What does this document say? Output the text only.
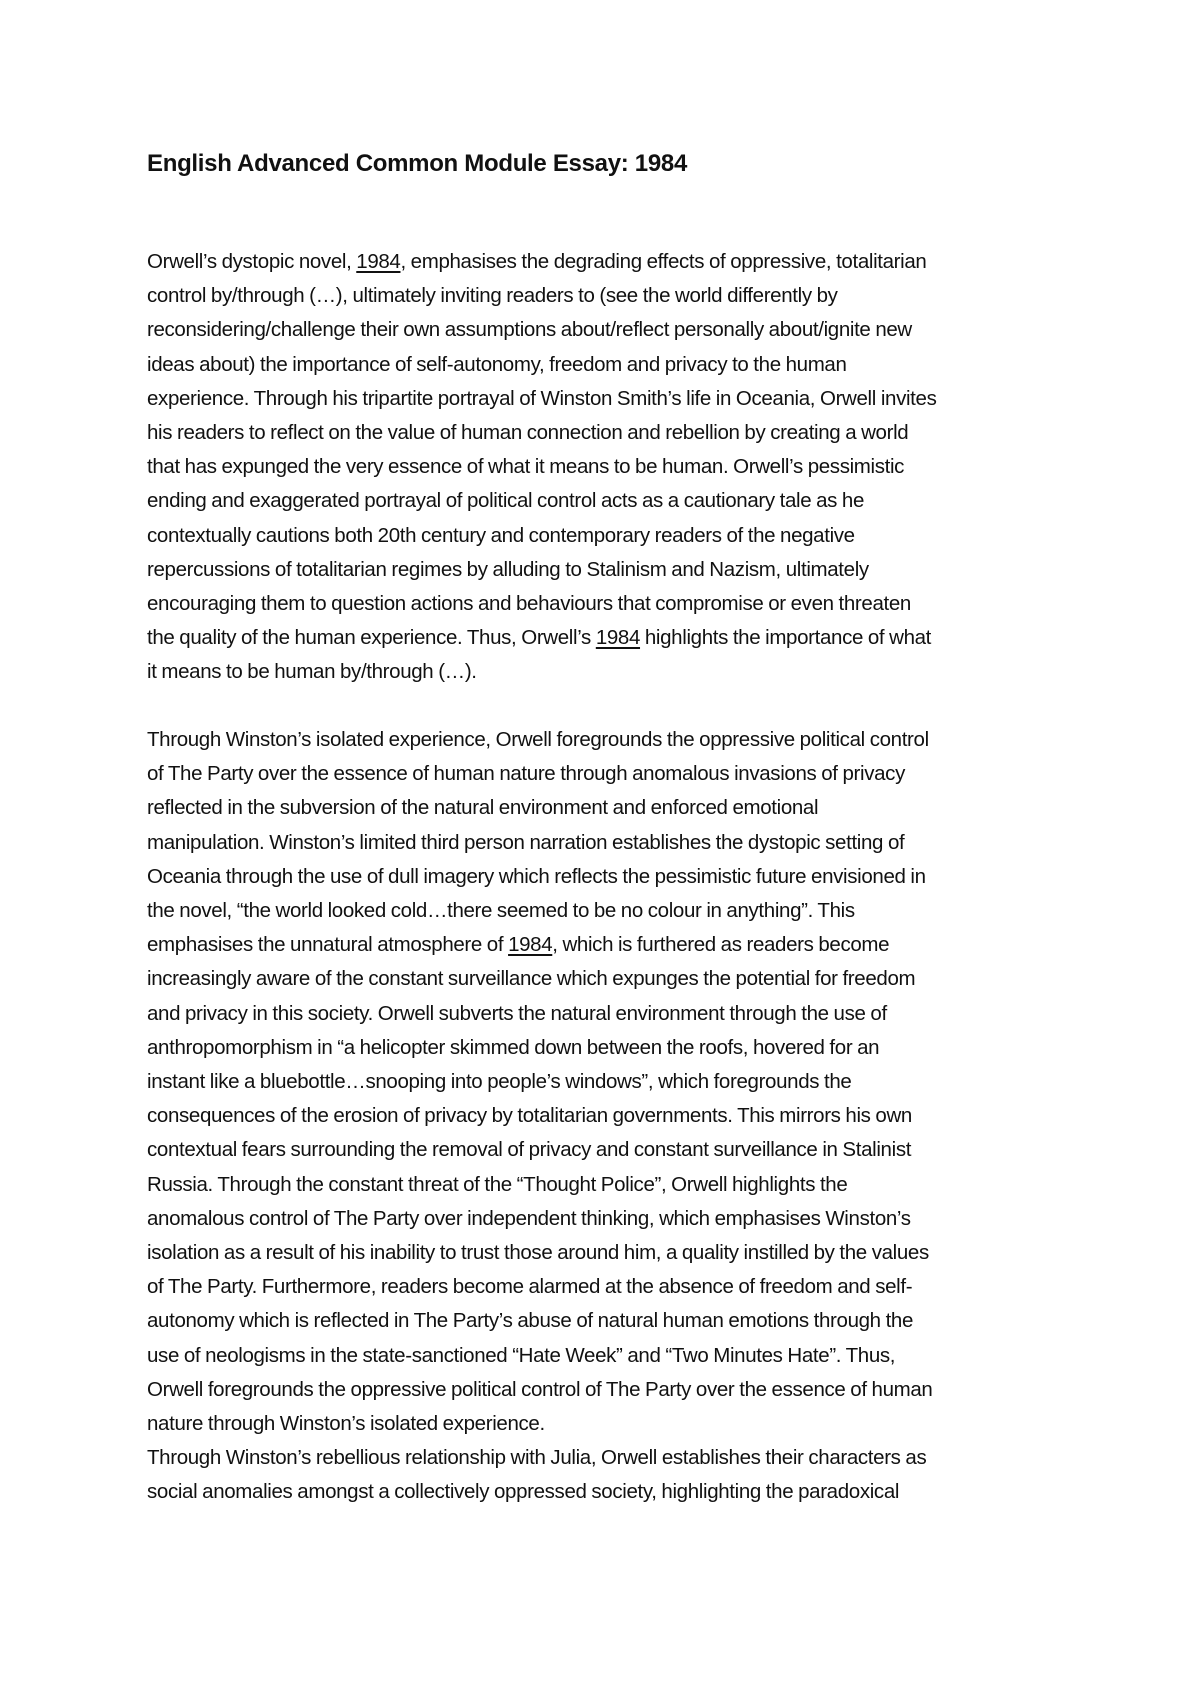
English Advanced Common Module Essay: 1984

Orwell’s dystopic novel, 1984, emphasises the degrading effects of oppressive, totalitarian
control by/through (…), ultimately inviting readers to (see the world differently by
reconsidering/challenge their own assumptions about/reflect personally about/ignite new
ideas about) the importance of self-autonomy, freedom and privacy to the human
experience. Through his tripartite portrayal of Winston Smith’s life in Oceania, Orwell invites
his readers to reflect on the value of human connection and rebellion by creating a world
that has expunged the very essence of what it means to be human. Orwell’s pessimistic
ending and exaggerated portrayal of political control acts as a cautionary tale as he
contextually cautions both 20th century and contemporary readers of the negative
repercussions of totalitarian regimes by alluding to Stalinism and Nazism, ultimately
encouraging them to question actions and behaviours that compromise or even threaten
the quality of the human experience. Thus, Orwell’s 1984 highlights the importance of what
it means to be human by/through (…).

Through Winston’s isolated experience, Orwell foregrounds the oppressive political control
of The Party over the essence of human nature through anomalous invasions of privacy
reflected in the subversion of the natural environment and enforced emotional
manipulation. Winston’s limited third person narration establishes the dystopic setting of
Oceania through the use of dull imagery which reflects the pessimistic future envisioned in
the novel, “the world looked cold…there seemed to be no colour in anything”. This
emphasises the unnatural atmosphere of 1984, which is furthered as readers become
increasingly aware of the constant surveillance which expunges the potential for freedom
and privacy in this society. Orwell subverts the natural environment through the use of
anthropomorphism in “a helicopter skimmed down between the roofs, hovered for an
instant like a bluebottle…snooping into people’s windows”, which foregrounds the
consequences of the erosion of privacy by totalitarian governments. This mirrors his own
contextual fears surrounding the removal of privacy and constant surveillance in Stalinist
Russia. Through the constant threat of the “Thought Police”, Orwell highlights the
anomalous control of The Party over independent thinking, which emphasises Winston’s
isolation as a result of his inability to trust those around him, a quality instilled by the values
of The Party. Furthermore, readers become alarmed at the absence of freedom and self-
autonomy which is reflected in The Party’s abuse of natural human emotions through the
use of neologisms in the state-sanctioned “Hate Week” and “Two Minutes Hate”. Thus,
Orwell foregrounds the oppressive political control of The Party over the essence of human
nature through Winston’s isolated experience.

Through Winston’s rebellious relationship with Julia, Orwell establishes their characters as
social anomalies amongst a collectively oppressed society, highlighting the paradoxical
